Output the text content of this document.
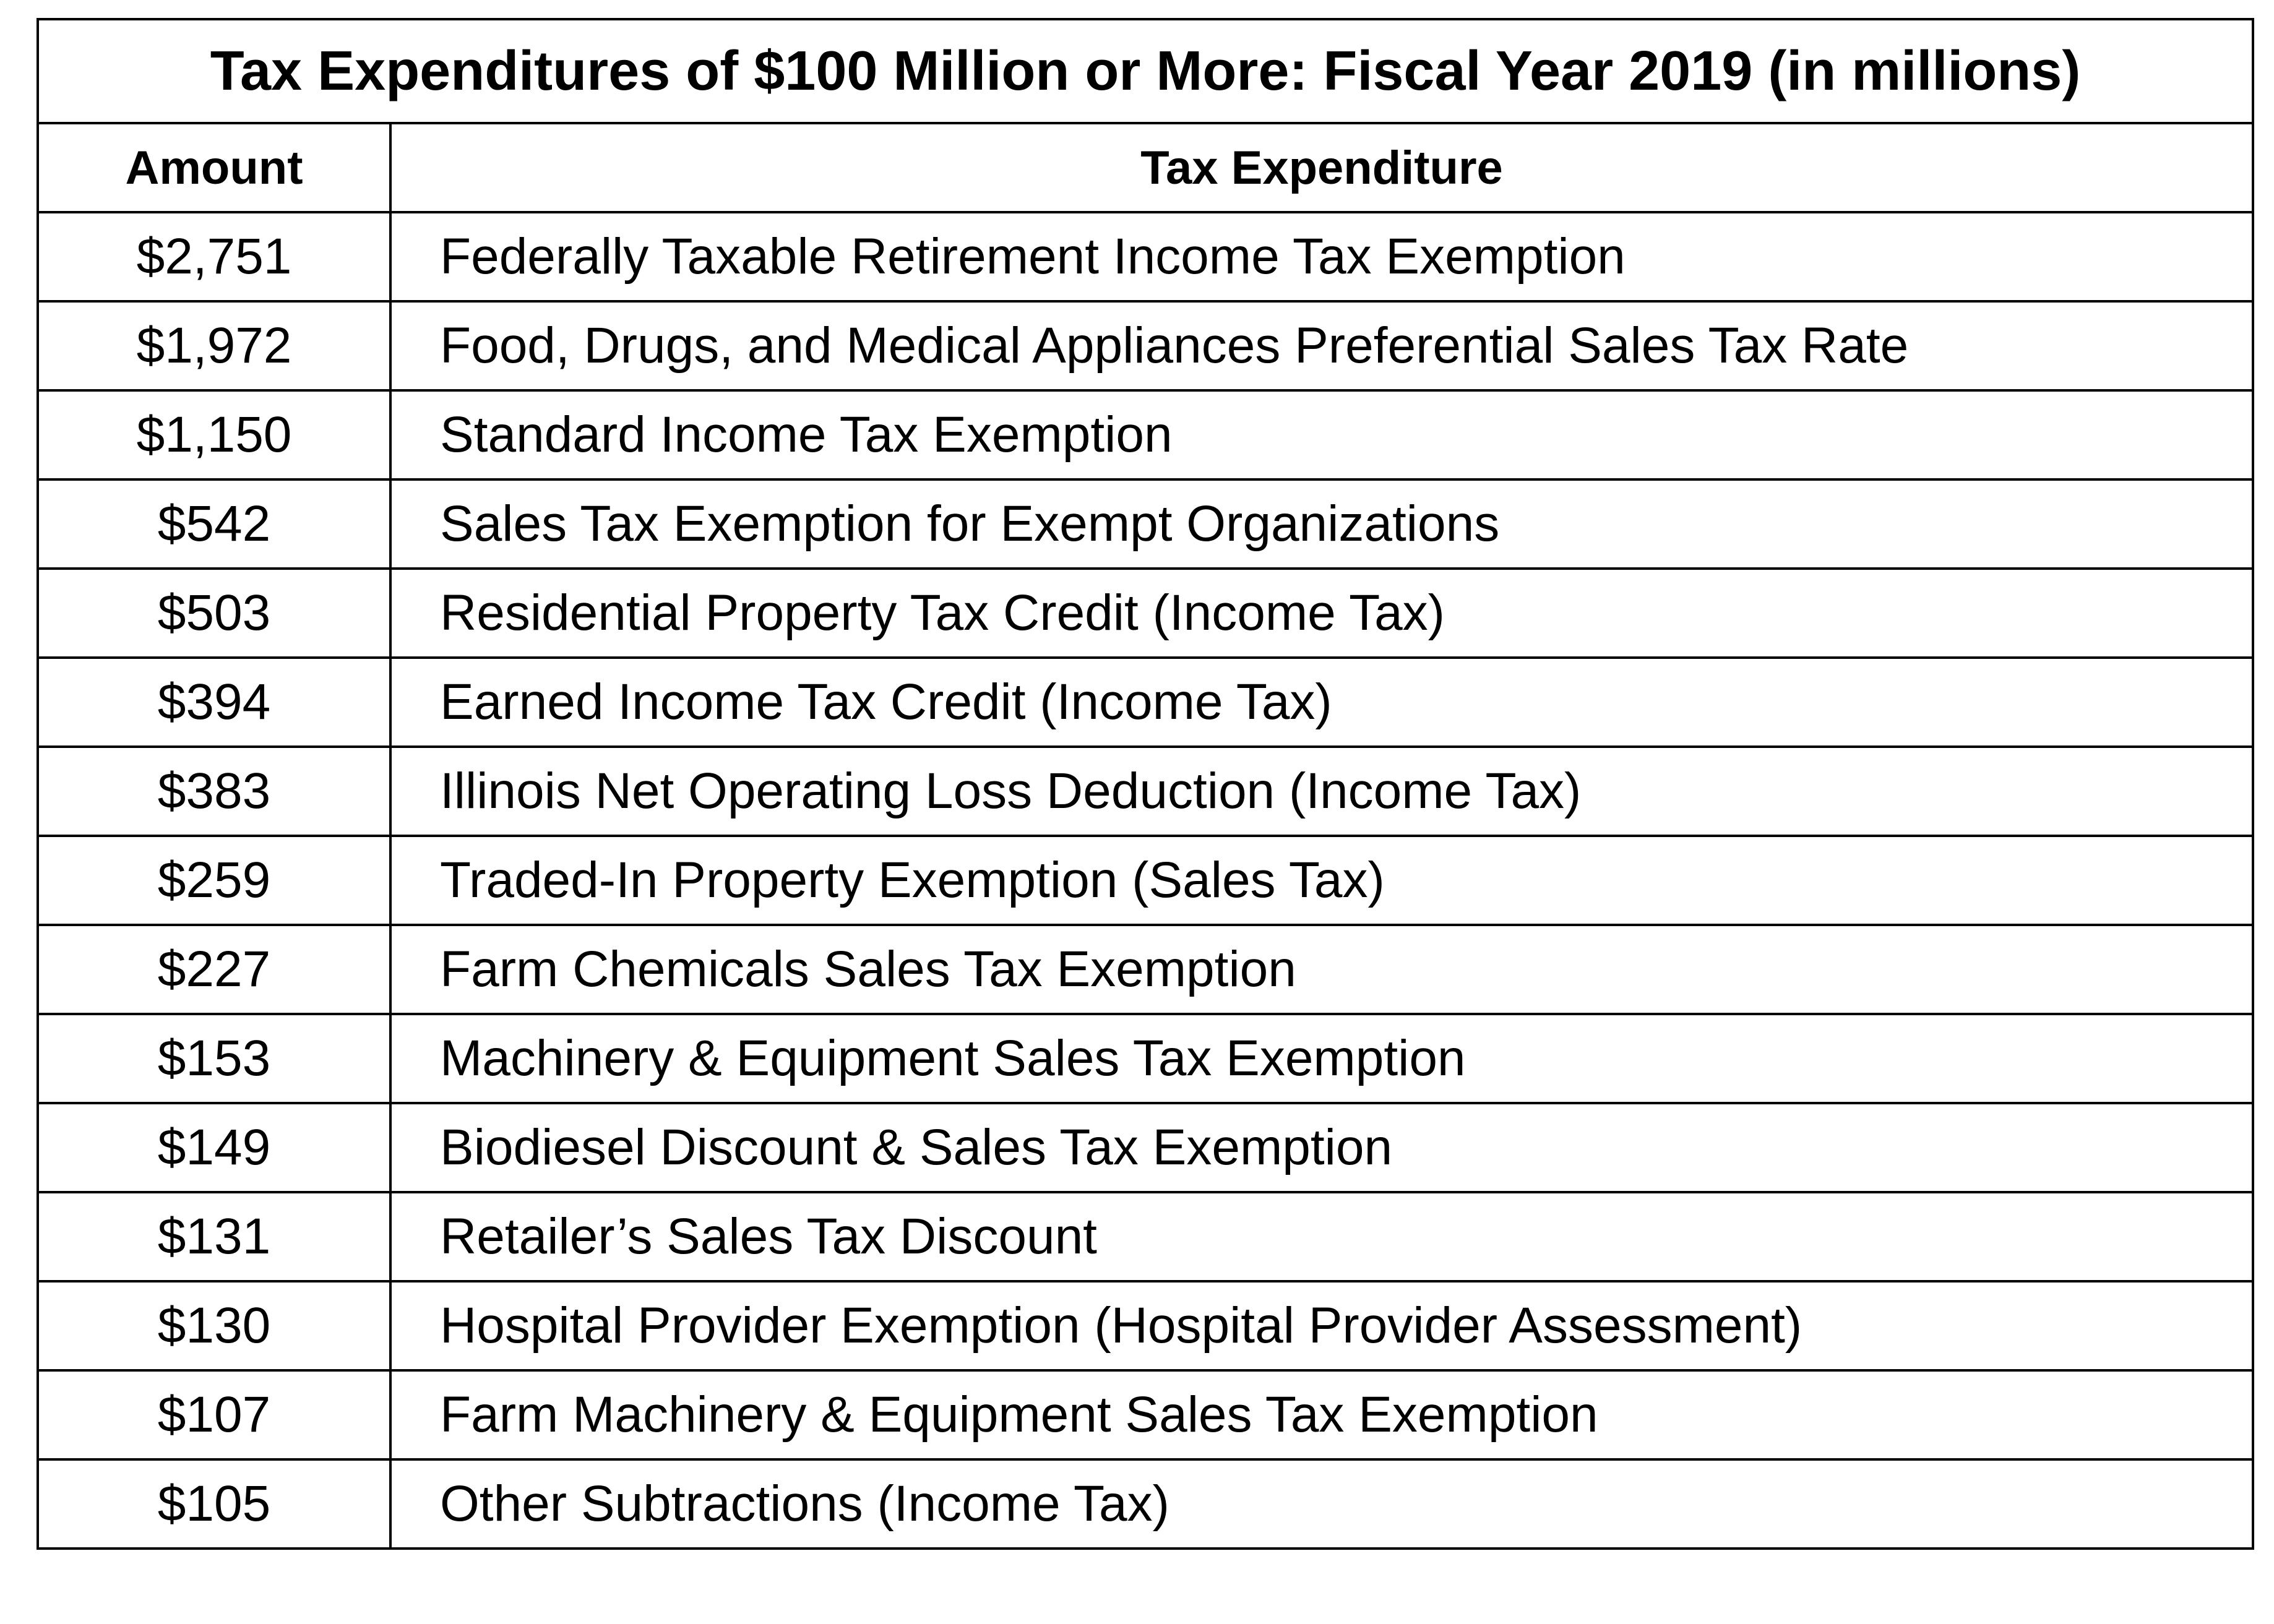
Tax Expenditures of $100 Million or More: Fiscal Year 2019 (in millions)	
Amount	Tax Expenditure
$2,751	Federally Taxable Retirement Income Tax Exemption
$1,972	Food, Drugs, and Medical Appliances Preferential Sales Tax Rate
$1,150	Standard Income Tax Exemption
$542	Sales Tax Exemption for Exempt Organizations
$503	Residential Property Tax Credit (Income Tax)
$394	Earned Income Tax Credit (Income Tax)
$383	Illinois Net Operating Loss Deduction (Income Tax)
$259	Traded-In Property Exemption (Sales Tax)
$227	Farm Chemicals Sales Tax Exemption
$153	Machinery & Equipment Sales Tax Exemption
$149	Biodiesel Discount & Sales Tax Exemption
$131	Retailer’s Sales Tax Discount
$130	Hospital Provider Exemption (Hospital Provider Assessment)
$107	Farm Machinery & Equipment Sales Tax Exemption
$105	Other Subtractions (Income Tax)
